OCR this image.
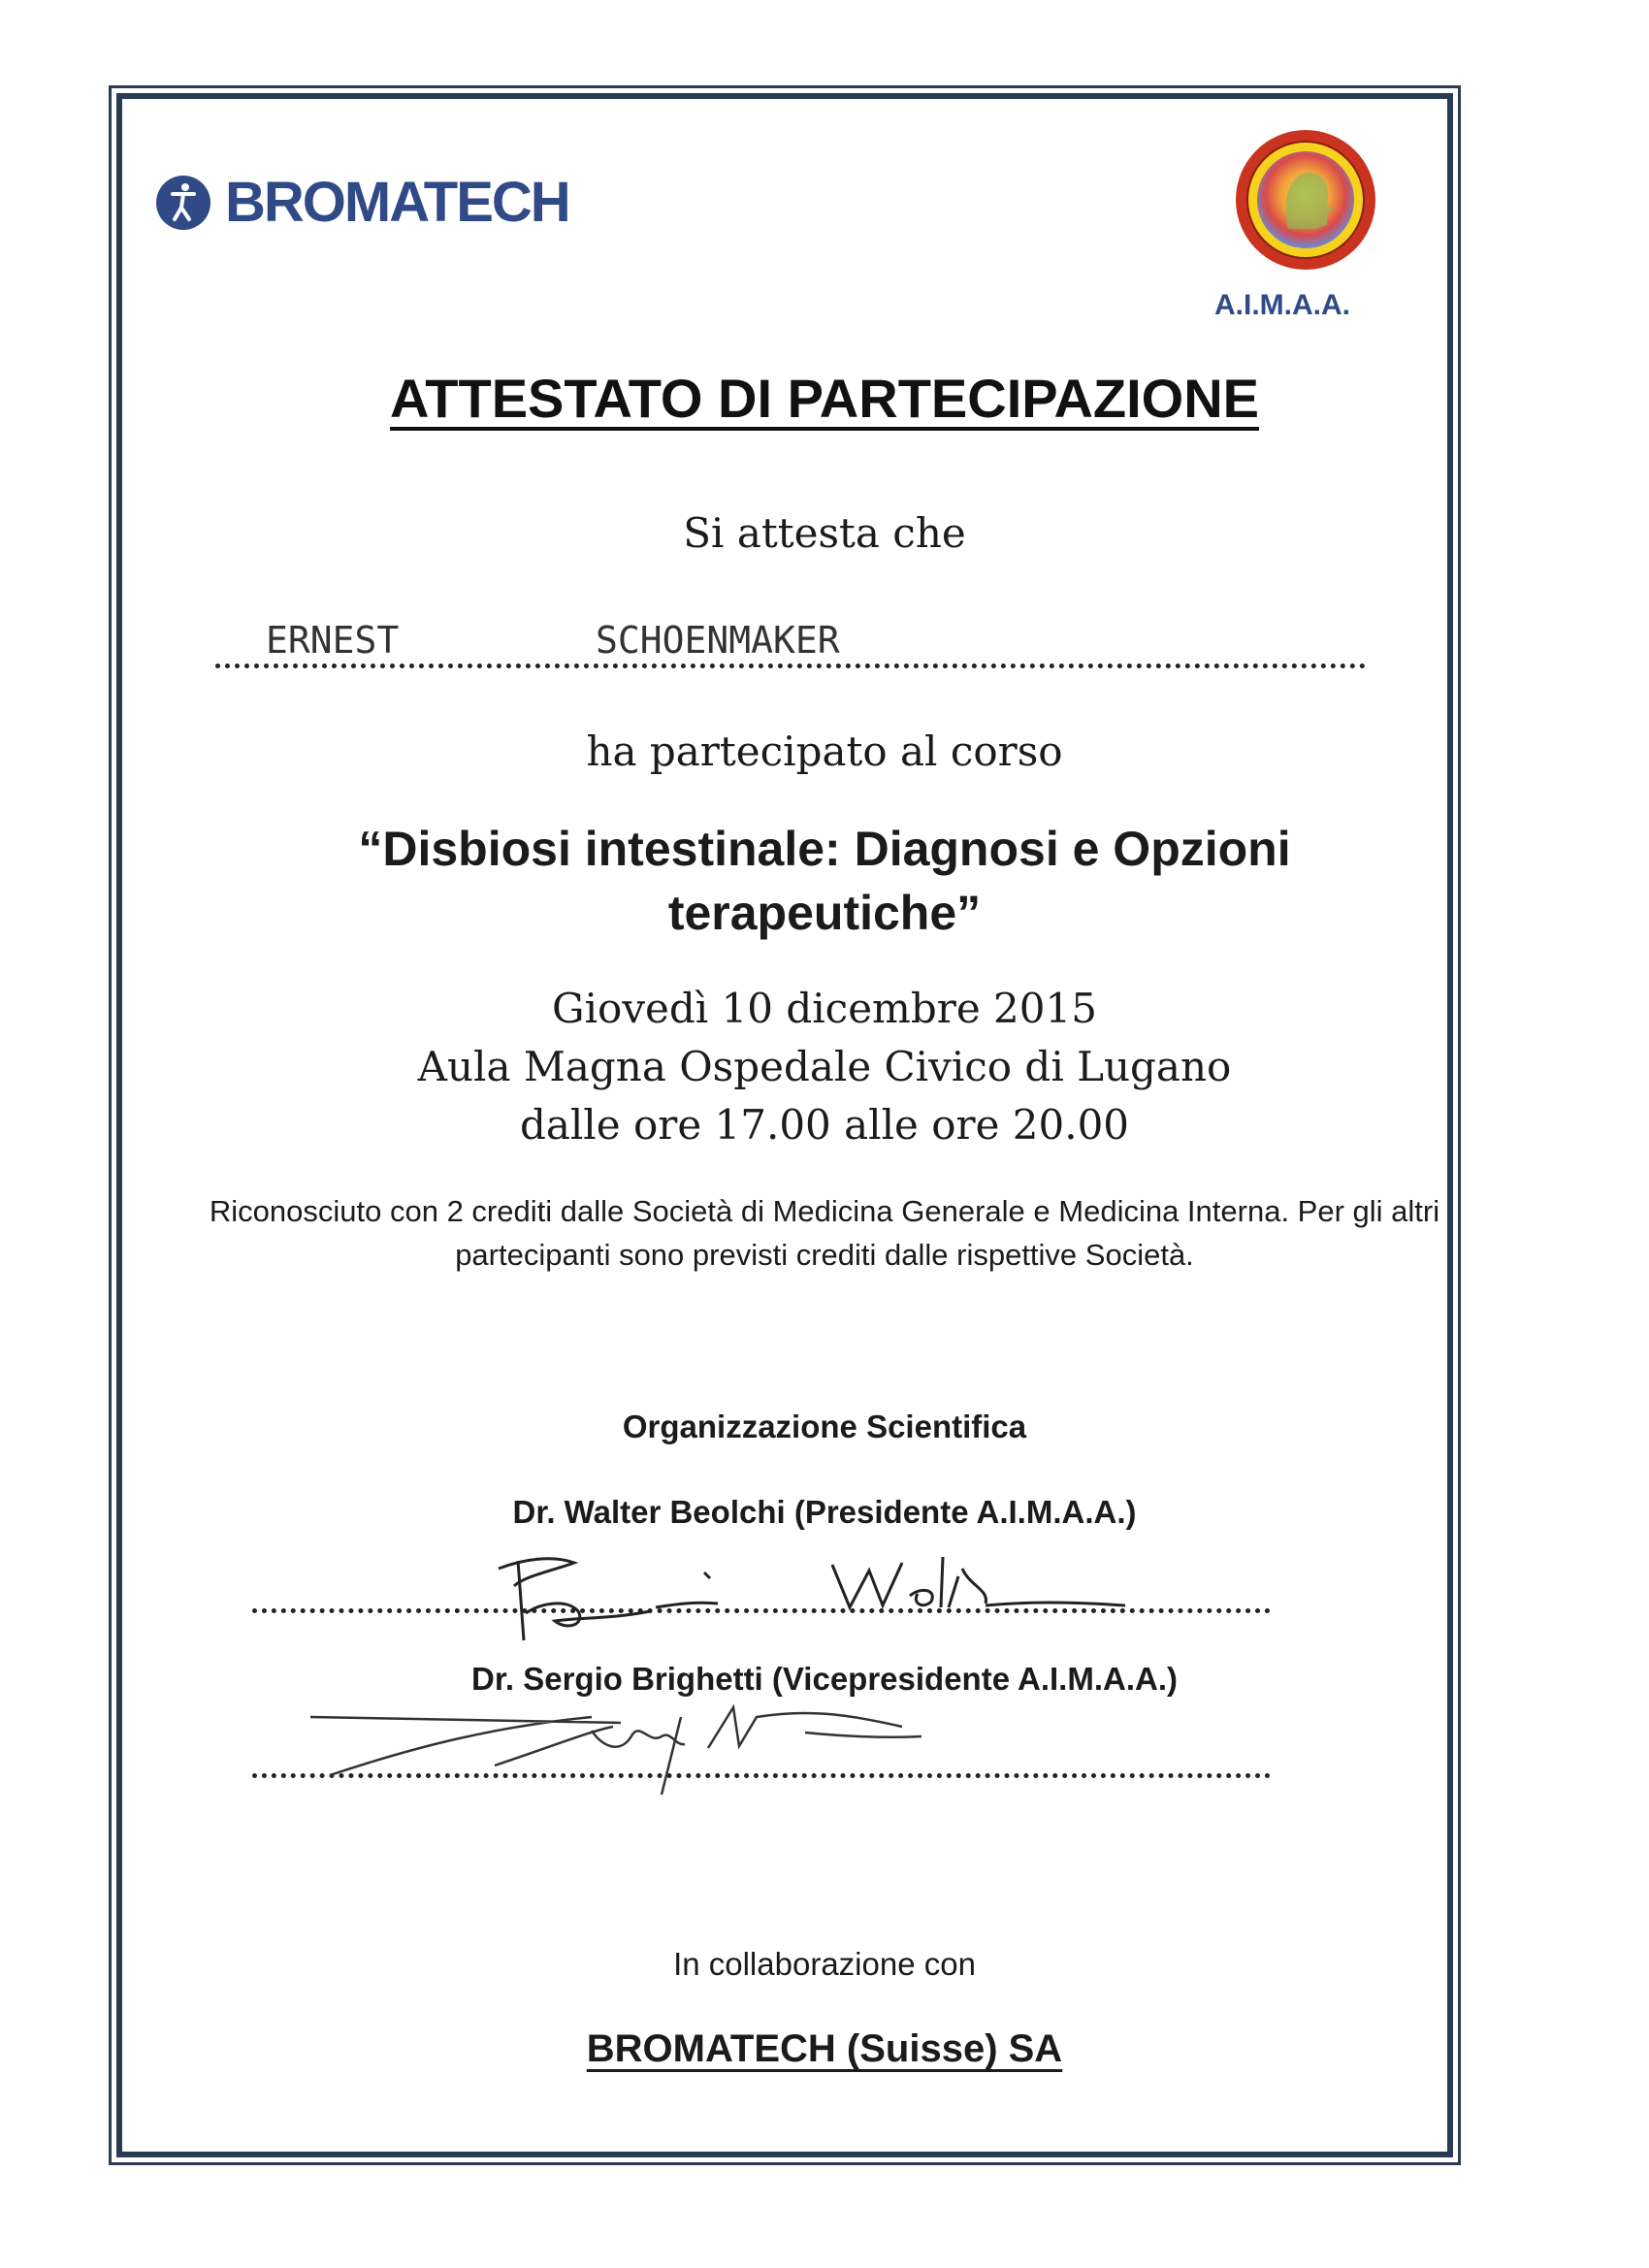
BROMATECH
A.I.M.A.A.
ATTESTATO DI PARTECIPAZIONE
Si attesta che
ERNEST	SCHOENMAKER
ha partecipato al corso
“Disbiosi intestinale: Diagnosi e Opzioni terapeutiche”
Giovedì 10 dicembre 2015
Aula Magna Ospedale Civico di Lugano
dalle ore 17.00 alle ore 20.00
Riconosciuto con 2 crediti dalle Società di Medicina Generale e Medicina Interna. Per gli altri partecipanti sono previsti crediti dalle rispettive Società.
Organizzazione Scientifica
Dr. Walter Beolchi (Presidente A.I.M.A.A.)
Dr. Sergio Brighetti (Vicepresidente A.I.M.A.A.)
In collaborazione con
BROMATECH (Suisse) SA
